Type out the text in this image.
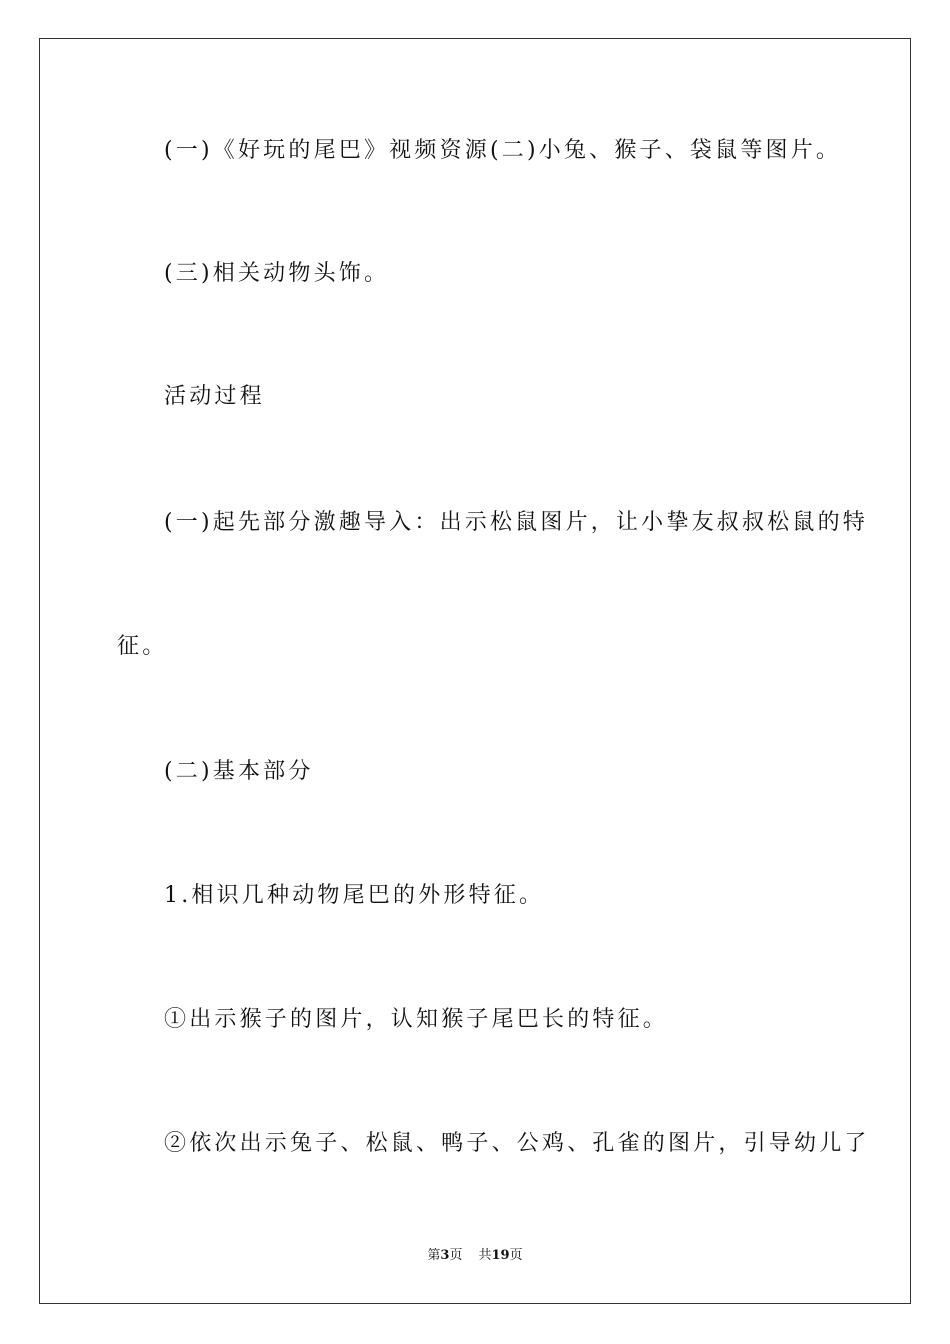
(一)《好玩的尾巴》视频资源(二)小兔、猴子、袋鼠等图片。
(三)相关动物头饰。
活动过程
(一)起先部分激趣导入：出示松鼠图片，让小挚友叔叔松鼠的特
征。
(二)基本部分
1.相识几种动物尾巴的外形特征。
①出示猴子的图片，认知猴子尾巴长的特征。
②依次出示兔子、松鼠、鸭子、公鸡、孔雀的图片，引导幼儿了
第3页 共19页
